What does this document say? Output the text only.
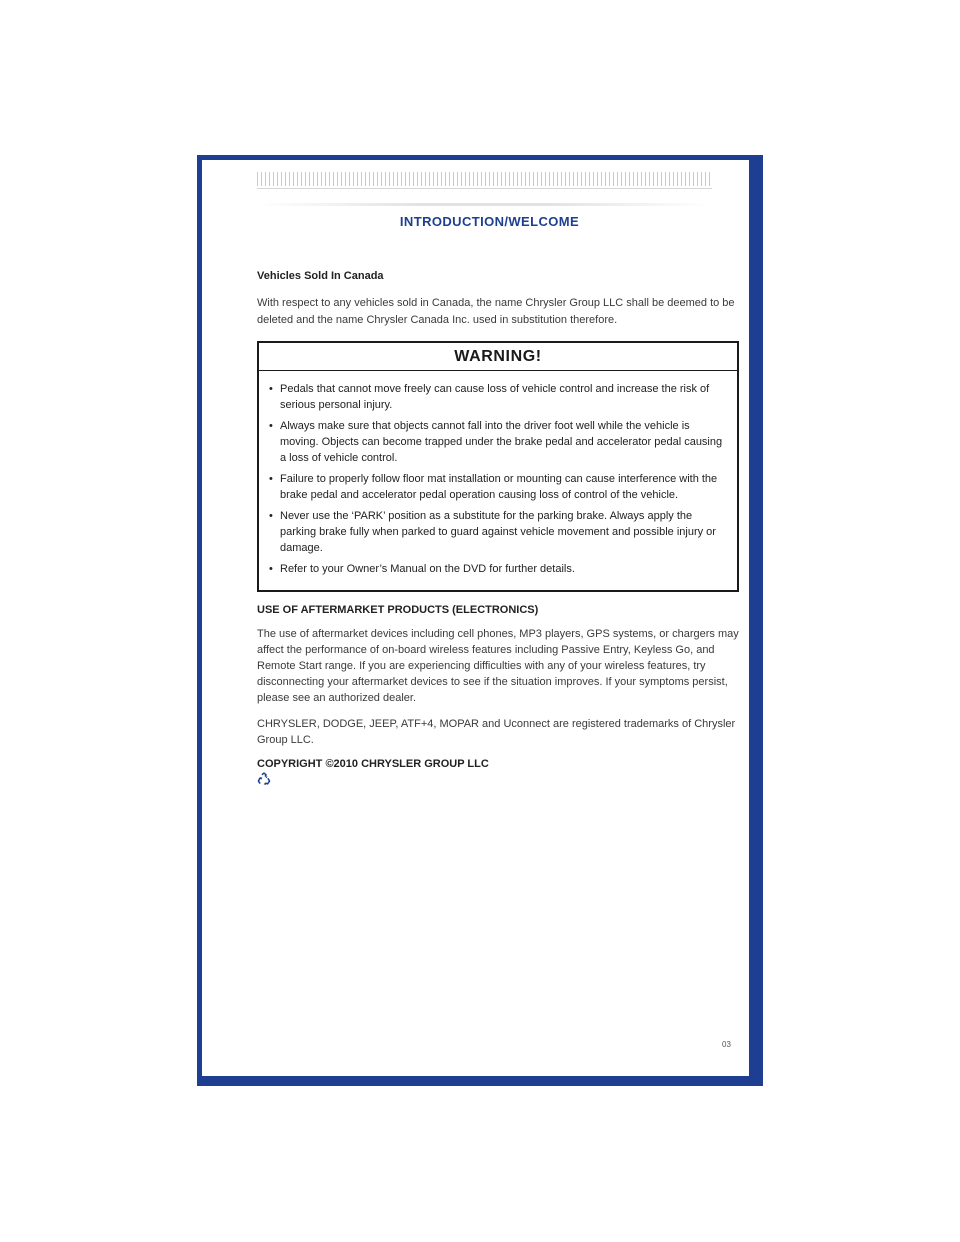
INTRODUCTION/WELCOME
Vehicles Sold In Canada

With respect to any vehicles sold in Canada, the name Chrysler Group LLC shall be deemed to be deleted and the name Chrysler Canada Inc. used in substitution therefore.

WARNING!
• Pedals that cannot move freely can cause loss of vehicle control and increase the risk of serious personal injury.
• Always make sure that objects cannot fall into the driver foot well while the vehicle is moving. Objects can become trapped under the brake pedal and accelerator pedal causing a loss of vehicle control.
• Failure to properly follow floor mat installation or mounting can cause interference with the brake pedal and accelerator pedal operation causing loss of control of the vehicle.
• Never use the ‘PARK’ position as a substitute for the parking brake. Always apply the parking brake fully when parked to guard against vehicle movement and possible injury or damage.
• Refer to your Owner’s Manual on the DVD for further details.
USE OF AFTERMARKET PRODUCTS (ELECTRONICS)

The use of aftermarket devices including cell phones, MP3 players, GPS systems, or chargers may affect the performance of on-board wireless features including Passive Entry, Keyless Go, and Remote Start range. If you are experiencing difficulties with any of your wireless features, try disconnecting your aftermarket devices to see if the situation improves. If your symptoms persist, please see an authorized dealer.

CHRYSLER, DODGE, JEEP, ATF+4, MOPAR and Uconnect are registered trademarks of Chrysler Group LLC.

COPYRIGHT ©2010 CHRYSLER GROUP LLC
03
